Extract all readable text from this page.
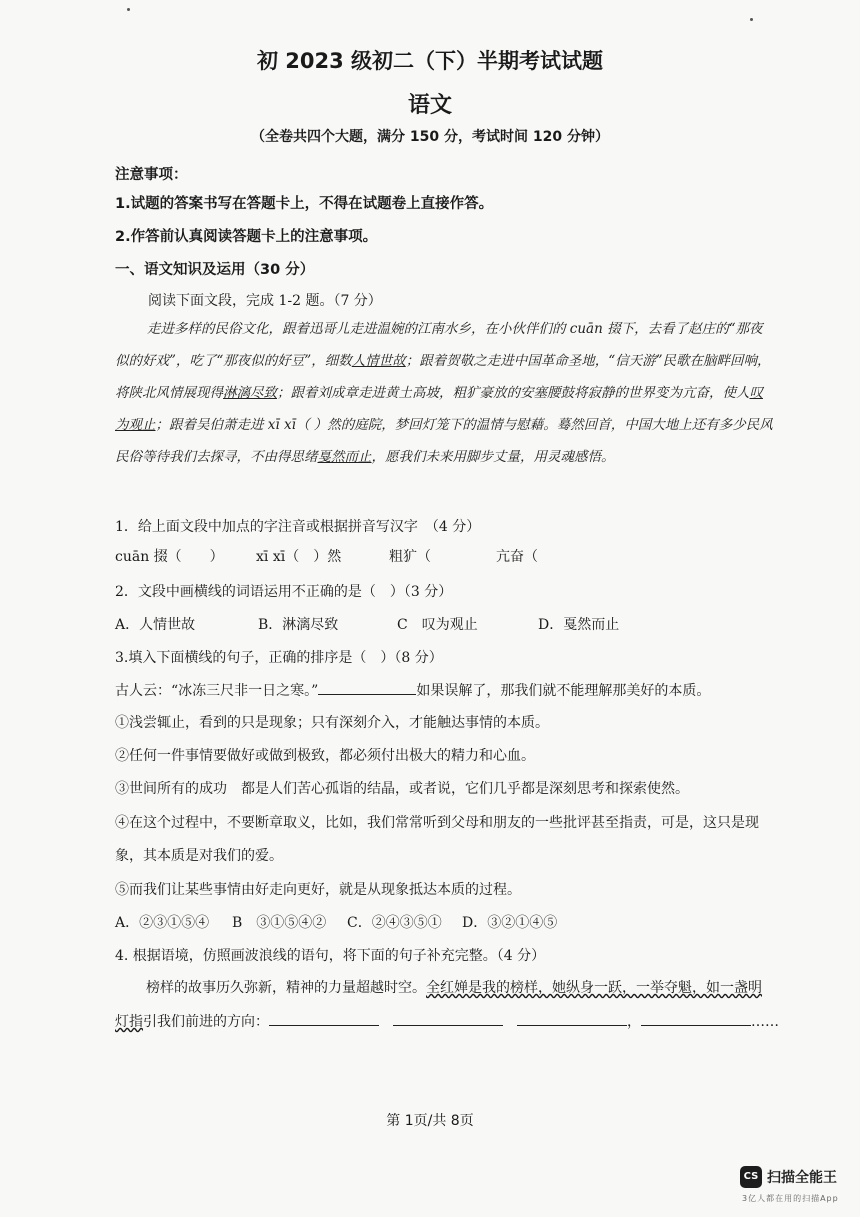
初 2023 级初二（下）半期考试试题
语文
（全卷共四个大题，满分 150 分，考试时间 120 分钟）
注意事项：
1.试题的答案书写在答题卡上，不得在试题卷上直接作答。
2.作答前认真阅读答题卡上的注意事项。
一、语文知识及运用（30 分）
阅读下面文段，完成 1-2 题。（7 分）
走进多样的民俗文化，跟着迅哥儿走进温婉的江南水乡，在小伙伴们的 cuān 掇下，去看了赵庄的“那夜似的好戏”，吃了“那夜似的好豆”，细数人情世故；跟着贺敬之走进中国革命圣地，“信天游”民歌在脑畔回响，将陕北风情展现得淋漓尽致；跟着刘成章走进黄土高坡，粗犷豪放的安塞腰鼓将寂静的世界变为亢奋，使人叹为观止；跟着吴伯萧走进 xī xī（ ）然的庭院，梦回灯笼下的温情与慰藉。蓦然回首，中国大地上还有多少民风民俗等待我们去探寻，不由得思绪戛然而止，愿我们未来用脚步丈量，用灵魂感悟。
1．给上面文段中加点的字注音或根据拼音写汉字　（4 分）
cuān 掇（　　） xī xī（　）然	粗犷（　　　 亢奋（
2．文段中画横线的词语运用不正确的是（　）（3 分）
A．人情世故	B．淋漓尽致	C　叹为观止	D．戛然而止
3.填入下面横线的句子，正确的排序是（　）（8 分）
古人云：“冰冻三尺非一日之寒。”	如果误解了，那我们就不能理解那美好的本质。
①浅尝辄止，看到的只是现象；只有深刻介入，才能触达事情的本质。
②任何一件事情要做好或做到极致，都必须付出极大的精力和心血。
③世间所有的成功　都是人们苦心孤诣的结晶，或者说，它们几乎都是深刻思考和探索使然。
④在这个过程中，不要断章取义，比如，我们常常听到父母和朋友的一些批评甚至指责，可是，这只是现
象，其本质是对我们的爱。
⑤而我们让某些事情由好走向更好，就是从现象抵达本质的过程。
A．②③①⑤④ B　③①⑤④② C．②④③⑤① D．③②①④⑤
4. 根据语境，仿照画波浪线的语句，将下面的句子补充完整。（4 分）
榜样的故事历久弥新，精神的力量超越时空。全红婵是我的榜样，她纵身一跃，一举夺魁，如一盏明
灯指引我们前进的方向：	，	……
第 1页/共 8页
CS 扫描全能王
3亿人都在用的扫描App
